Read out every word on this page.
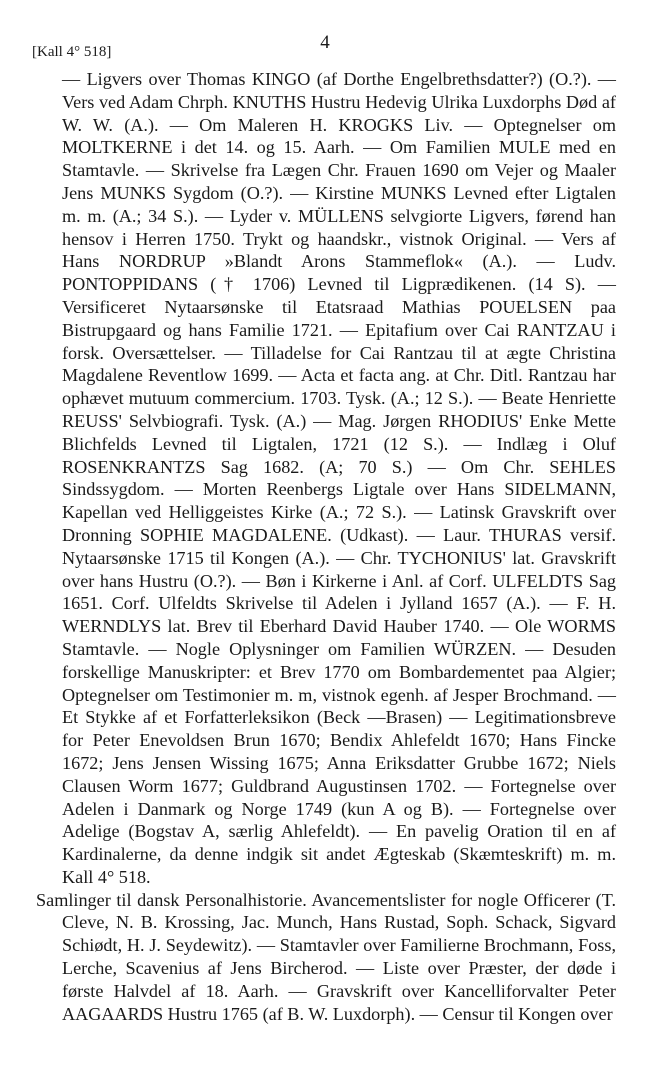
4
[Kall 4° 518]

— Ligvers over Thomas KINGO (af Dorthe Engelbrethsdatter?) (O.?). — Vers ved Adam Chrph. KNUTHS Hustru Hedevig Ulrika Luxdorphs Død af W. W. (A.). — Om Maleren H. KROGKS Liv. — Optegnelser om MOLTKERNE i det 14. og 15. Aarh. — Om Familien MULE med en Stamtavle. — Skrivelse fra Lægen Chr. Frauen 1690 om Vejer og Maaler Jens MUNKS Sygdom (O.?). — Kirstine MUNKS Levned efter Ligtalen m. m. (A.; 34 S.). — Lyder v. MÜLLENS selvgiorte Ligvers, førend han hensov i Herren 1750. Trykt og haandskr., vistnok Original. — Vers af Hans NORDRUP »Blandt Arons Stammeflok« (A.). — Ludv. PONTOPPIDANS († 1706) Levned til Ligprædikenen. (14 S). — Versificeret Nytaarsønske til Etatsraad Mathias POUELSEN paa Bistrupgaard og hans Familie 1721. — Epitafium over Cai RANTZAU i forsk. Oversættelser. — Tilladelse for Cai Rantzau til at ægte Christina Magdalene Reventlow 1699. — Acta et facta ang. at Chr. Ditl. Rantzau har ophævet mutuum commercium. 1703. Tysk. (A.; 12 S.). — Beate Henriette REUSS' Selvbiografi. Tysk. (A.) — Mag. Jørgen RHODIUS' Enke Mette Blichfelds Levned til Ligtalen, 1721 (12 S.). — Indlæg i Oluf ROSENKRANTZS Sag 1682. (A; 70 S.) — Om Chr. SEHLES Sindssygdom. — Morten Reenbergs Ligtale over Hans SIDELMANN, Kapellan ved Helliggeistes Kirke (A.; 72 S.). — Latinsk Gravskrift over Dronning SOPHIE MAGDALENE. (Udkast). — Laur. THURAS versif. Nytaarsønske 1715 til Kongen (A.). — Chr. TYCHONIUS' lat. Gravskrift over hans Hustru (O.?). — Bøn i Kirkerne i Anl. af Corf. ULFELDTS Sag 1651. Corf. Ulfeldts Skrivelse til Adelen i Jylland 1657 (A.). — F. H. WERNDLYS lat. Brev til Eberhard David Hauber 1740. — Ole WORMS Stamtavle. — Nogle Oplysninger om Familien WÜRZEN. — Desuden forskellige Manuskripter: et Brev 1770 om Bombardementet paa Algier; Optegnelser om Testimonier m. m, vistnok egenh. af Jesper Brochmand. — Et Stykke af et Forfatterleksikon (Beck —Brasen) — Legitimationsbreve for Peter Enevoldsen Brun 1670; Bendix Ahlefeldt 1670; Hans Fincke 1672; Jens Jensen Wissing 1675; Anna Eriksdatter Grubbe 1672; Niels Clausen Worm 1677; Guldbrand Augustinsen 1702. — Fortegnelse over Adelen i Danmark og Norge 1749 (kun A og B). — Fortegnelse over Adelige (Bogstav A, særlig Ahlefeldt). — En pavelig Oration til en af Kardinalerne, da denne indgik sit andet Ægteskab (Skæmteskrift) m. m. Kall 4° 518.

Samlinger til dansk Personalhistorie. Avancementslister for nogle Officerer (T. Cleve, N. B. Krossing, Jac. Munch, Hans Rustad, Soph. Schack, Sigvard Schiødt, H. J. Seydewitz). — Stamtavler over Familierne Brochmann, Foss, Lerche, Scavenius af Jens Bircherod. — Liste over Præster, der døde i første Halvdel af 18. Aarh. — Gravskrift over Kancelliforvalter Peter AAGAARDS Hustru 1765 (af B. W. Luxdorph). — Censur til Kongen over
